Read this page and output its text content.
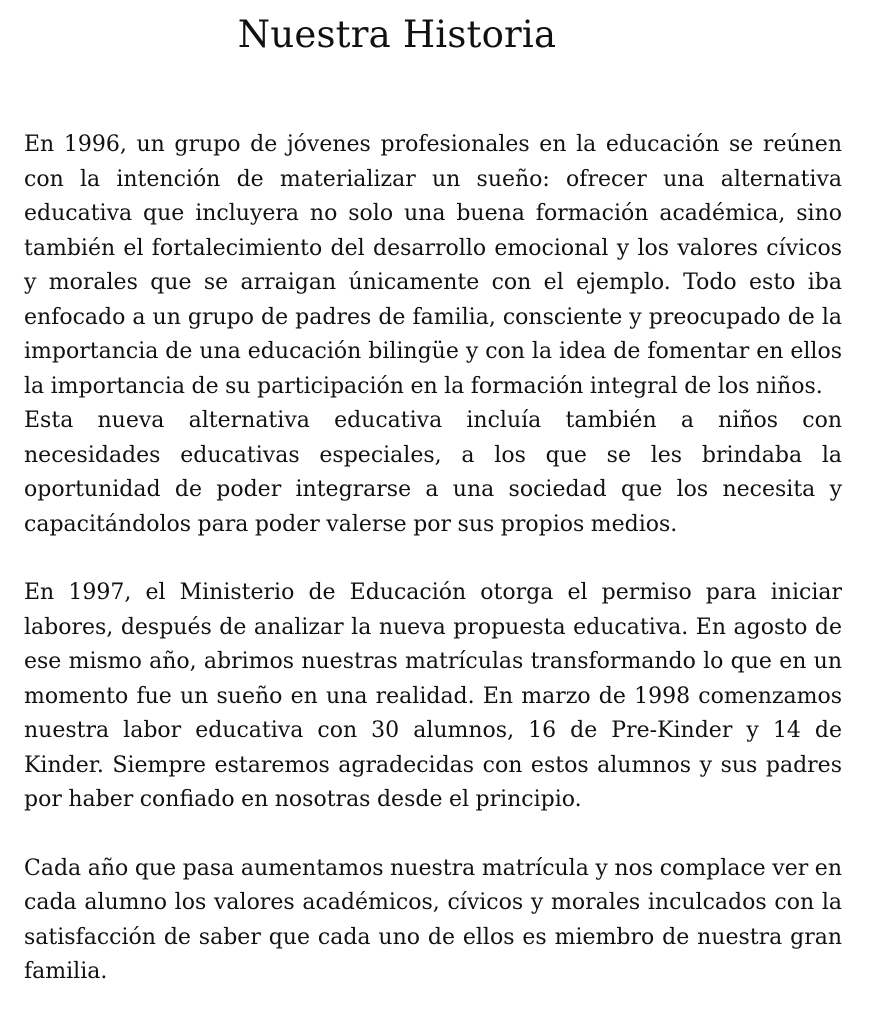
Nuestra Historia

En 1996, un grupo de jóvenes profesionales en la educación se reúnen con la intención de materializar un sueño: ofrecer una alternativa educativa que incluyera no solo una buena formación académica, sino también el fortalecimiento del desarrollo emocional y los valores cívicos y morales que se arraigan únicamente con el ejemplo. Todo esto iba enfocado a un grupo de padres de familia, consciente y preocupado de la importancia de una educación bilingüe y con la idea de fomentar en ellos la importancia de su participación en la formación integral de los niños.

Esta nueva alternativa educativa incluía también a niños con necesidades educativas especiales, a los que se les brindaba la oportunidad de poder integrarse a una sociedad que los necesita y capacitándolos para poder valerse por sus propios medios.

En 1997, el Ministerio de Educación otorga el permiso para iniciar labores, después de analizar la nueva propuesta educativa. En agosto de ese mismo año, abrimos nuestras matrículas transformando lo que en un momento fue un sueño en una realidad. En marzo de 1998 comenzamos nuestra labor educativa con 30 alumnos, 16 de Pre-Kinder y 14 de Kinder. Siempre estaremos agradecidas con estos alumnos y sus padres por haber confiado en nosotras desde el principio.

Cada año que pasa aumentamos nuestra matrícula y nos complace ver en cada alumno los valores académicos, cívicos y morales inculcados con la satisfacción de saber que cada uno de ellos es miembro de nuestra gran familia.
